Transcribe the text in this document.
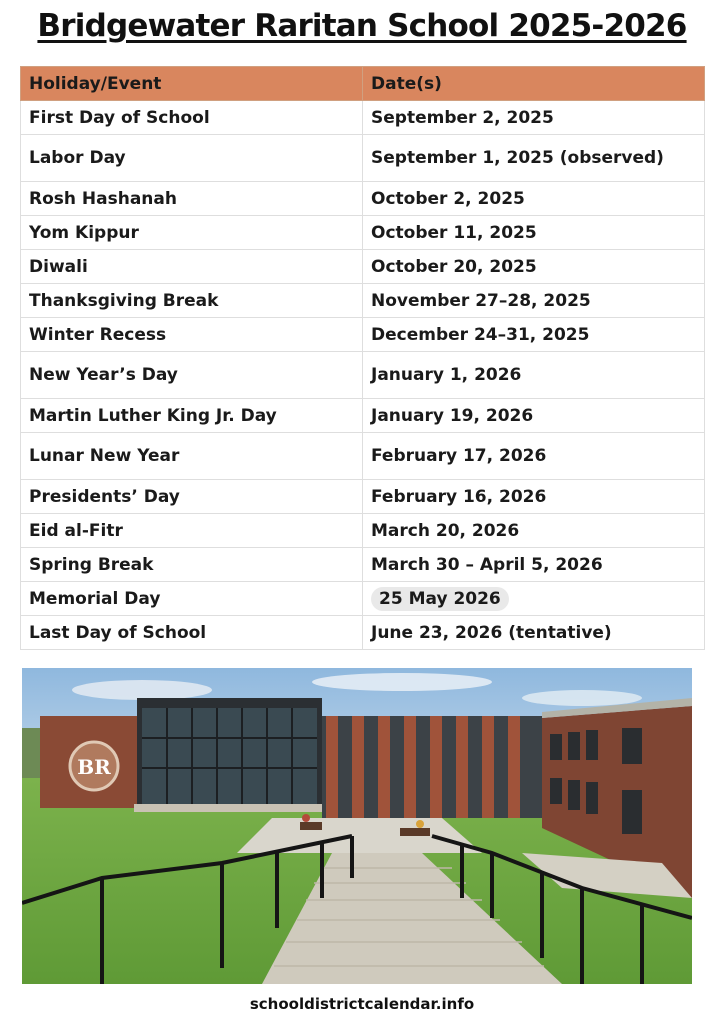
Bridgewater Raritan School 2025-2026
Holiday/Event	Date(s)
First Day of School	September 2, 2025
Labor Day	September 1, 2025 (observed)
Rosh Hashanah	October 2, 2025
Yom Kippur	October 11, 2025
Diwali	October 20, 2025
Thanksgiving Break	November 27–28, 2025
Winter Recess	December 24–31, 2025
New Year’s Day	January 1, 2026
Martin Luther King Jr. Day	January 19, 2026
Lunar New Year	February 17, 2026
Presidents’ Day	February 16, 2026
Eid al-Fitr	March 20, 2026
Spring Break	March 30 – April 5, 2026
Memorial Day	25 May 2026
Last Day of School	June 23, 2026 (tentative)
BR
schooldistrictcalendar.info
